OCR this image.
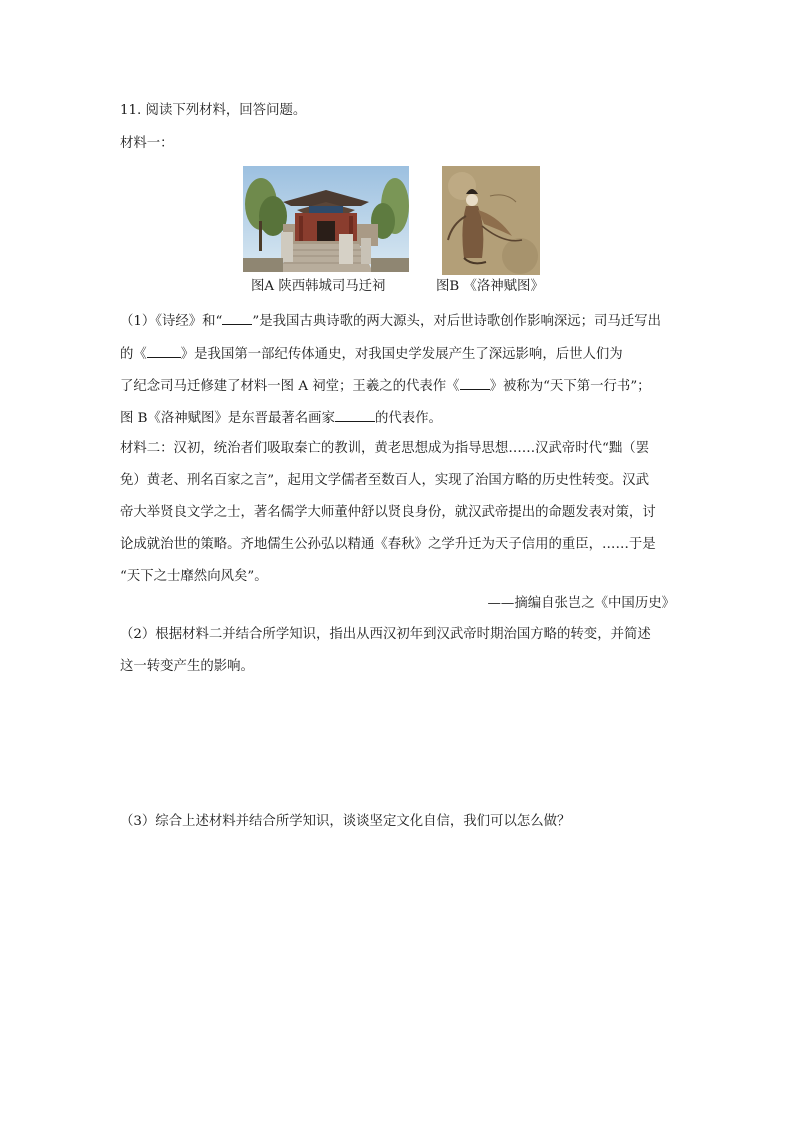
11. 阅读下列材料，回答问题。
材料一：
图A 陕西韩城司马迁祠	图B 《洛神赋图》
（1）《诗经》和“ ”是我国古典诗歌的两大源头，对后世诗歌创作影响深远；司马迁写出
的《	》是我国第一部纪传体通史，对我国史学发展产生了深远影响，后世人们为
了纪念司马迁修建了材料一图 A 祠堂；王羲之的代表作《 》被称为“天下第一行书”；
图 B《洛神赋图》是东晋最著名画家	的代表作。
材料二：汉初，统治者们吸取秦亡的教训，黄老思想成为指导思想……汉武帝时代“黜（罢
免）黄老、刑名百家之言”，起用文学儒者至数百人，实现了治国方略的历史性转变。汉武
帝大举贤良文学之士，著名儒学大师董仲舒以贤良身份，就汉武帝提出的命题发表对策，讨
论成就治世的策略。齐地儒生公孙弘以精通《春秋》之学升迁为天子信用的重臣，……于是
“天下之士靡然向风矣”。
——摘编自张岂之《中国历史》
（2）根据材料二并结合所学知识，指出从西汉初年到汉武帝时期治国方略的转变，并简述
这一转变产生的影响。
（3）综合上述材料并结合所学知识，谈谈坚定文化自信，我们可以怎么做？
